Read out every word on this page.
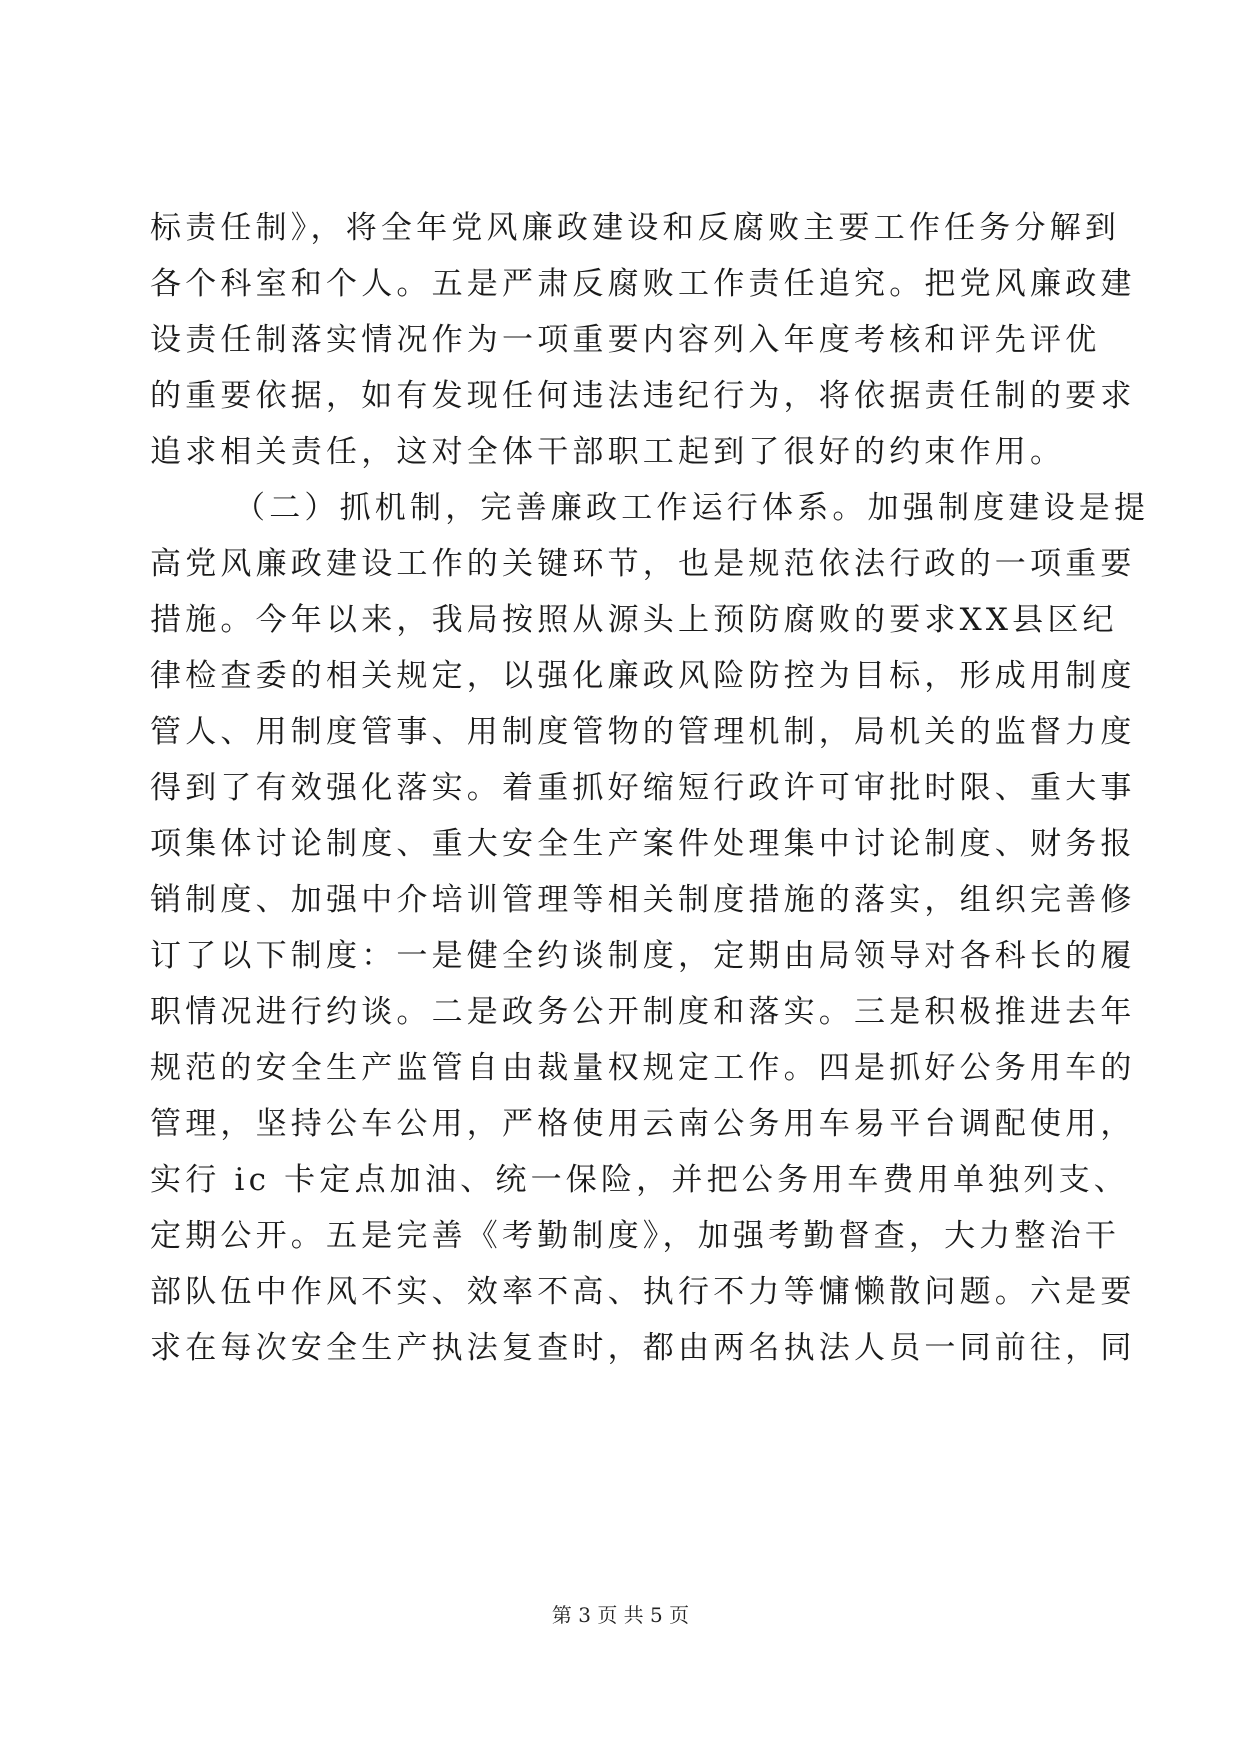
标责任制》，将全年党风廉政建设和反腐败主要工作任务分解到
各个科室和个人。五是严肃反腐败工作责任追究。把党风廉政建
设责任制落实情况作为一项重要内容列入年度考核和评先评优
的重要依据，如有发现任何违法违纪行为，将依据责任制的要求
追求相关责任，这对全体干部职工起到了很好的约束作用。
（二）抓机制，完善廉政工作运行体系。加强制度建设是提
高党风廉政建设工作的关键环节，也是规范依法行政的一项重要
措施。今年以来，我局按照从源头上预防腐败的要求XX县区纪
律检查委的相关规定，以强化廉政风险防控为目标，形成用制度
管人、用制度管事、用制度管物的管理机制，局机关的监督力度
得到了有效强化落实。着重抓好缩短行政许可审批时限、重大事
项集体讨论制度、重大安全生产案件处理集中讨论制度、财务报
销制度、加强中介培训管理等相关制度措施的落实，组织完善修
订了以下制度：一是健全约谈制度，定期由局领导对各科长的履
职情况进行约谈。二是政务公开制度和落实。三是积极推进去年
规范的安全生产监管自由裁量权规定工作。四是抓好公务用车的
管理，坚持公车公用，严格使用云南公务用车易平台调配使用，
实行 ic 卡定点加油、统一保险，并把公务用车费用单独列支、
定期公开。五是完善《考勤制度》，加强考勤督查，大力整治干
部队伍中作风不实、效率不高、执行不力等慵懒散问题。六是要
求在每次安全生产执法复查时，都由两名执法人员一同前往，同
第 3 页 共 5 页
